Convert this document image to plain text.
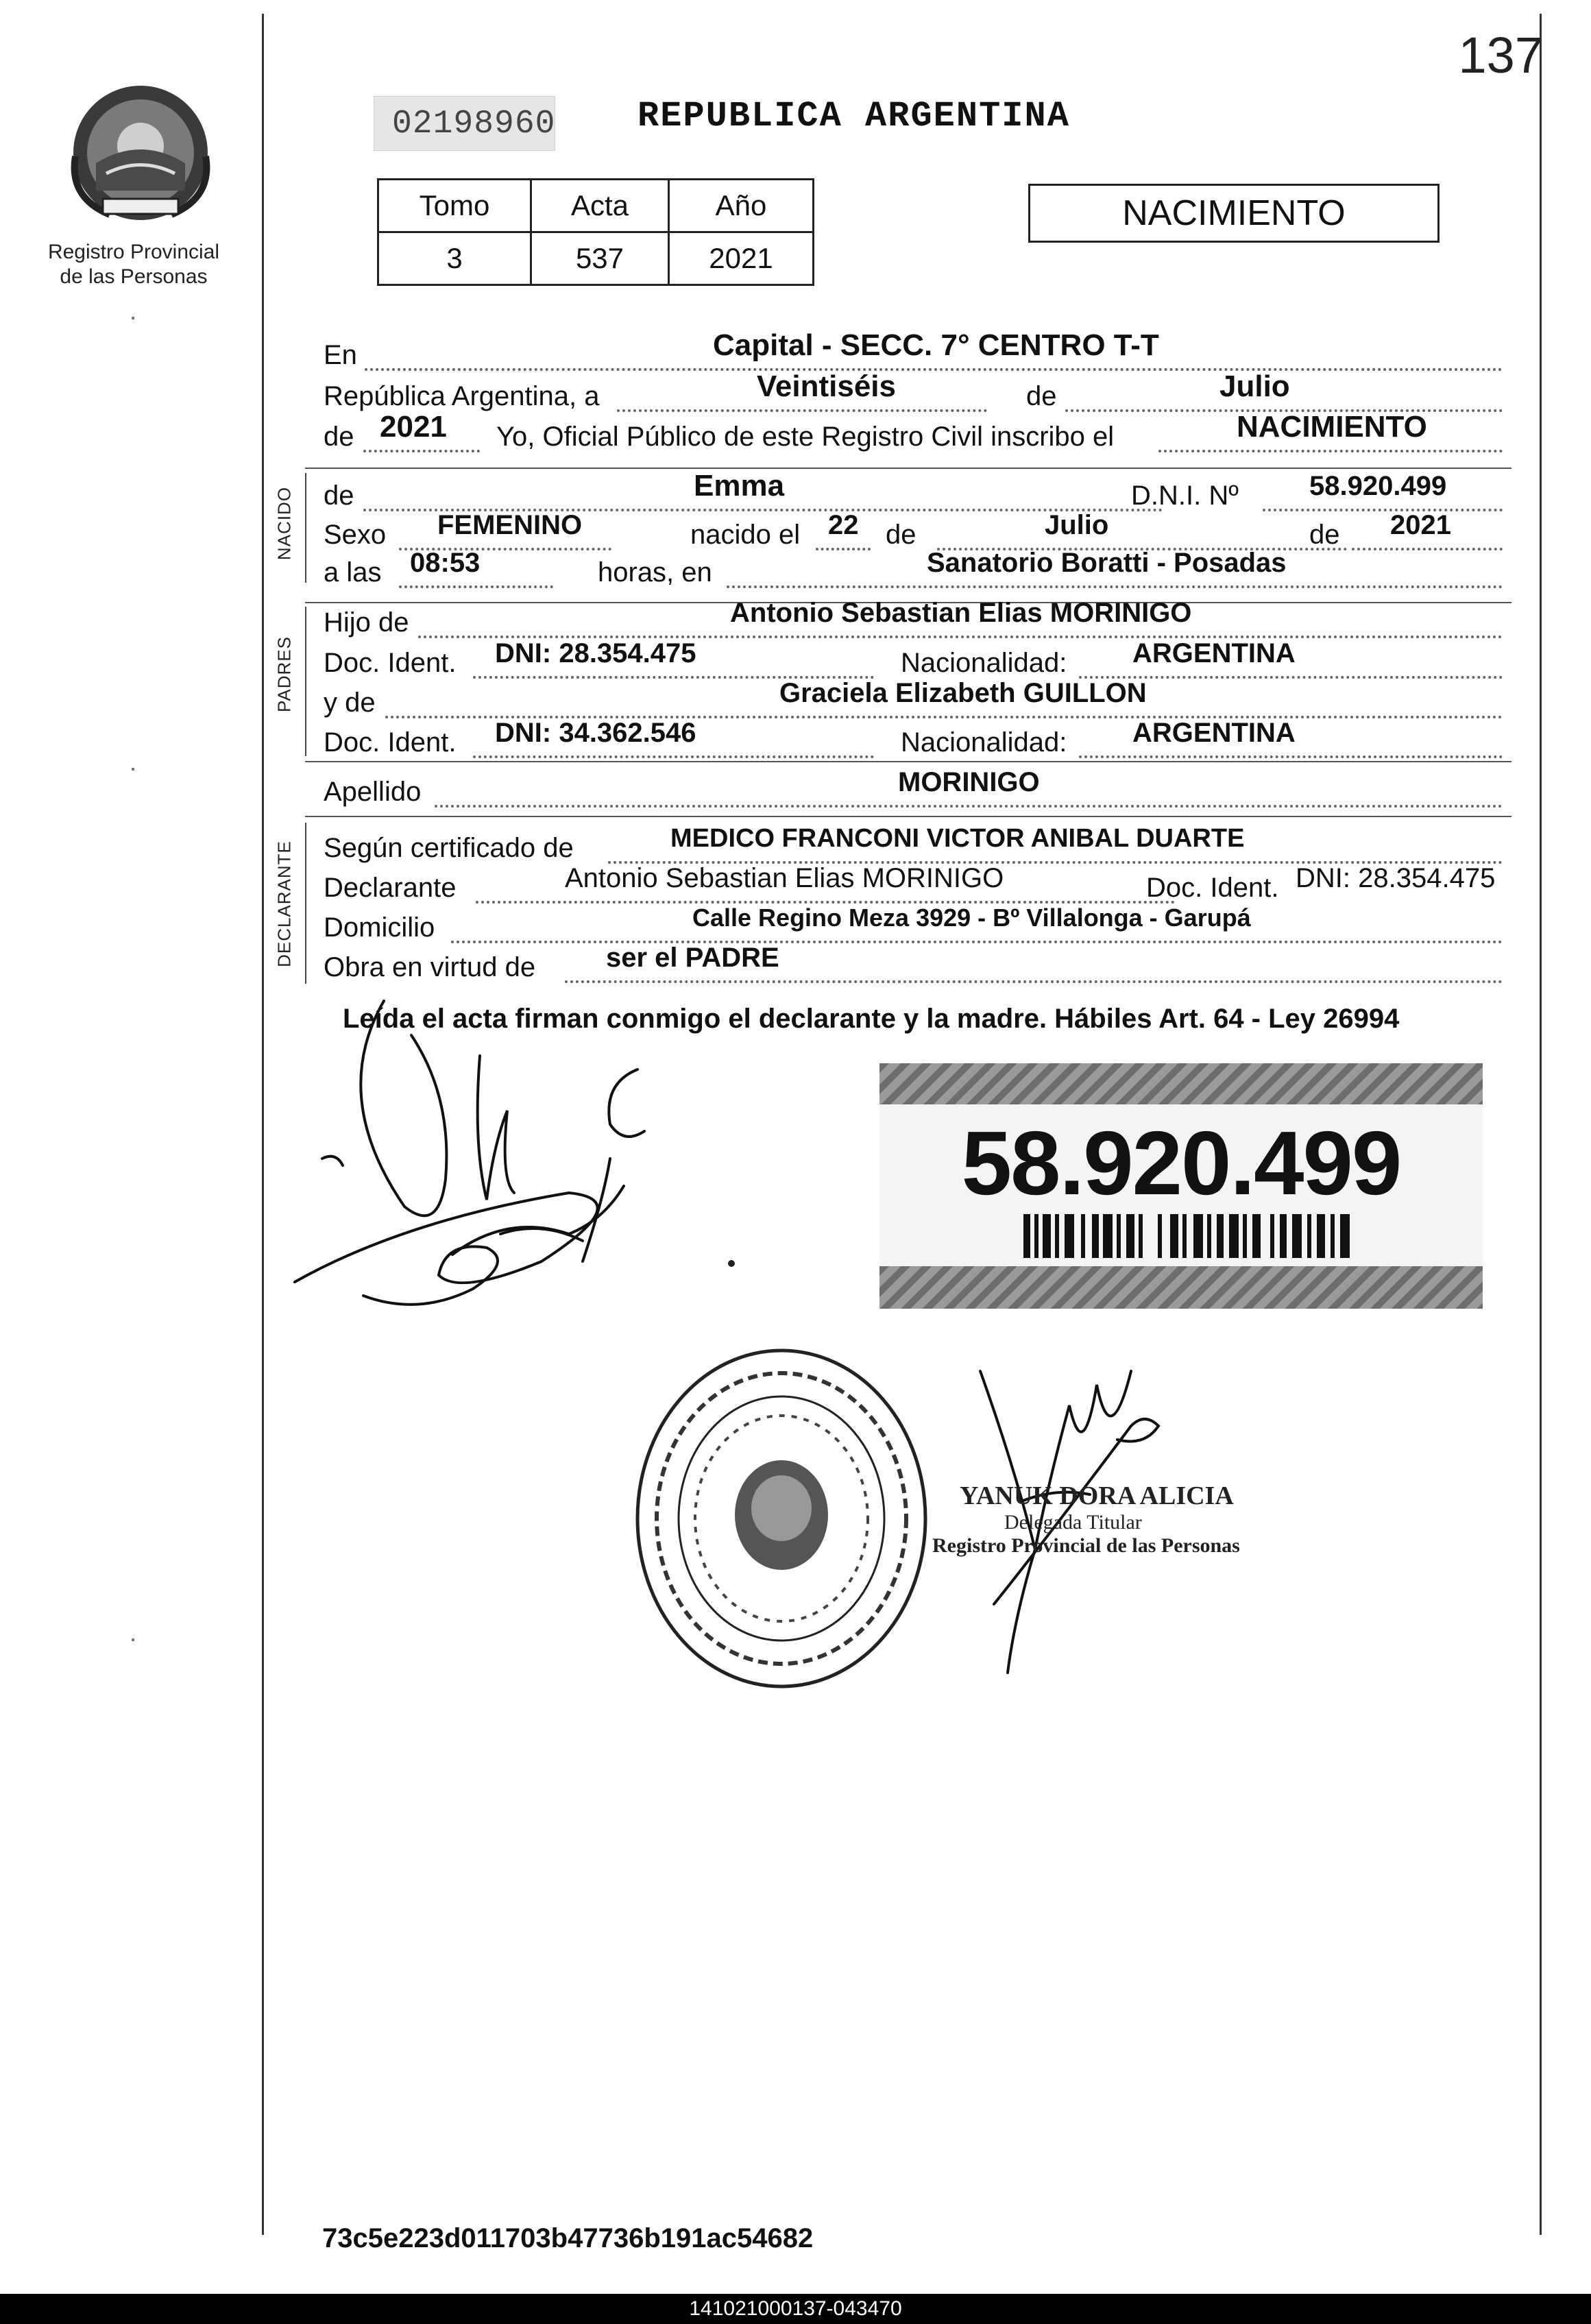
137
Registro Provincial
de las Personas
02198960 REPUBLICA ARGENTINA
Tomo	Acta	Año
3	537	2021
NACIMIENTO
En	Capital - SECC. 7° CENTRO T-T
República Argentina, a	Veintiséis	de	Julio
de 2021 Yo, Oficial Público de este Registro Civil inscribo el	NACIMIENTO
NACIDO de	Emma	D.N.I. Nº	58.920.499
Sexo FEMENINO	nacido el 22 de	Julio	de 2021
a las 08:53	horas, en	Sanatorio Boratti - Posadas
PADRES
Hijo de	Antonio Sebastian Elias MORINIGO
Doc. Ident. DNI: 28.354.475	Nacionalidad: ARGENTINA
y de	Graciela Elizabeth GUILLON
Doc. Ident. DNI: 34.362.546	Nacionalidad: ARGENTINA
Apellido	MORINIGO
DECLARANTE Según certificado de	MEDICO FRANCONI VICTOR ANIBAL DUARTE
Declarante	Antonio Sebastian Elias MORINIGO	Doc. Ident. DNI: 28.354.475
Domicilio	Calle Regino Meza 3929 - Bº Villalonga - Garupá
Obra en virtud de	ser el PADRE
Leída el acta firman conmigo el declarante y la madre. Hábiles Art. 64 - Ley 26994
58.920.499
YANUK DORA ALICIA
Delegada Titular
Registro Provincial de las Personas
73c5e223d011703b47736b191ac54682
141021000137-043470
